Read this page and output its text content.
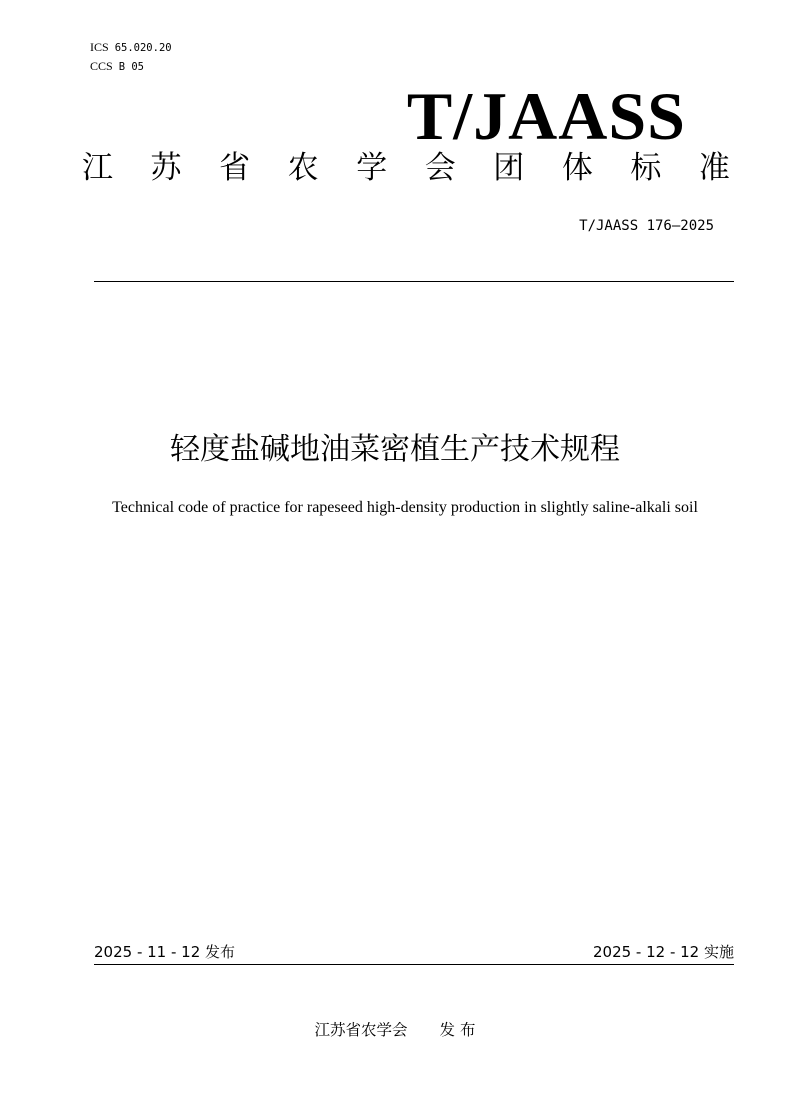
ICS 65.020.20
CCS B 05
T/JAASS
江 苏 省 农 学 会 团 体 标 准
T/JAASS 176—2025
轻度盐碱地油菜密植生产技术规程
Technical code of practice for rapeseed high-density production in slightly saline-alkali soil
2025 - 11 - 12 发布	2025 - 12 - 12 实施
江苏省农学会 发 布
